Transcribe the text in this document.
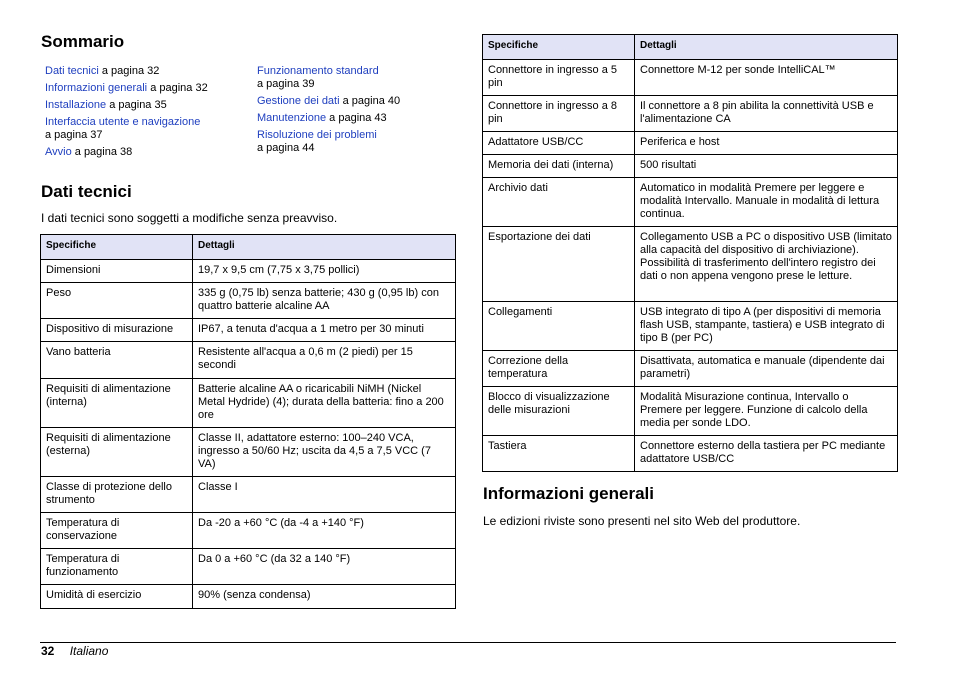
Sommario
Dati tecnici a pagina 32
Informazioni generali a pagina 32
Installazione a pagina 35
Interfaccia utente e navigazione
a pagina 37
Avvio a pagina 38
Funzionamento standard
a pagina 39
Gestione dei dati a pagina 40
Manutenzione a pagina 43
Risoluzione dei problemi
a pagina 44
Dati tecnici
I dati tecnici sono soggetti a modifiche senza preavviso.
Specifiche	Dettagli
Dimensioni	19,7 x 9,5 cm (7,75 x 3,75 pollici)
Peso	335 g (0,75 lb) senza batterie; 430 g (0,95 lb) con quattro batterie alcaline AA
Dispositivo di misurazione	IP67, a tenuta d'acqua a 1 metro per 30 minuti
Vano batteria	Resistente all'acqua a 0,6 m (2 piedi) per 15 secondi
Requisiti di alimentazione (interna)	Batterie alcaline AA o ricaricabili NiMH (Nickel Metal Hydride) (4); durata della batteria: fino a 200 ore
Requisiti di alimentazione (esterna)	Classe II, adattatore esterno: 100–240 VCA, ingresso a 50/60 Hz; uscita da 4,5 a 7,5 VCC (7 VA)
Classe di protezione dello strumento	Classe I
Temperatura di conservazione	Da -20 a +60 °C (da -4 a +140 °F)
Temperatura di funzionamento	Da 0 a +60 °C (da 32 a 140 °F)
Umidità di esercizio	90% (senza condensa)
Specifiche	Dettagli
Connettore in ingresso a 5 pin	Connettore M-12 per sonde IntelliCAL™
Connettore in ingresso a 8 pin	Il connettore a 8 pin abilita la connettività USB e l'alimentazione CA
Adattatore USB/CC	Periferica e host
Memoria dei dati (interna)	500 risultati
Archivio dati	Automatico in modalità Premere per leggere e modalità Intervallo. Manuale in modalità di lettura continua.
Esportazione dei dati	Collegamento USB a PC o dispositivo USB (limitato alla capacità del dispositivo di archiviazione). Possibilità di trasferimento dell'intero registro dei dati o non appena vengono prese le letture.
Collegamenti	USB integrato di tipo A (per dispositivi di memoria flash USB, stampante, tastiera) e USB integrato di tipo B (per PC)
Correzione della temperatura	Disattivata, automatica e manuale (dipendente dai parametri)
Blocco di visualizzazione delle misurazioni	Modalità Misurazione continua, Intervallo o Premere per leggere. Funzione di calcolo della media per sonde LDO.
Tastiera	Connettore esterno della tastiera per PC mediante adattatore USB/CC
Informazioni generali
Le edizioni riviste sono presenti nel sito Web del produttore.
32 Italiano
